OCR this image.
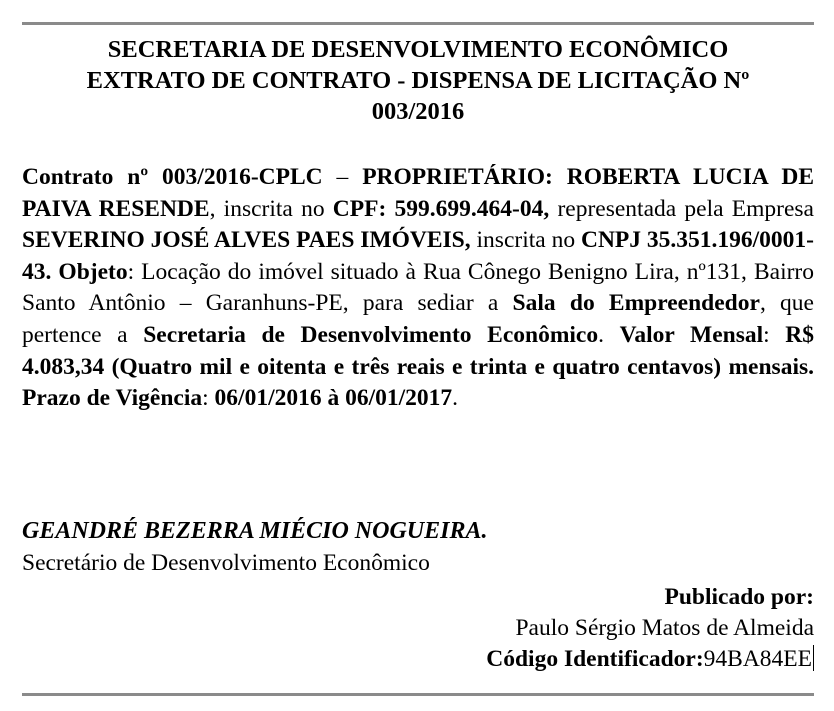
SECRETARIA DE DESENVOLVIMENTO ECONÔMICO
EXTRATO DE CONTRATO - DISPENSA DE LICITAÇÃO Nº
003/2016
Contrato nº 003/2016-CPLC – PROPRIETÁRIO: ROBERTA LUCIA DE PAIVA RESENDE, inscrita no CPF: 599.699.464-04, representada pela Empresa SEVERINO JOSÉ ALVES PAES IMÓVEIS, inscrita no CNPJ 35.351.196/0001-43. Objeto: Locação do imóvel situado à Rua Cônego Benigno Lira, nº131, Bairro Santo Antônio – Garanhuns-PE, para sediar a Sala do Empreendedor, que pertence a Secretaria de Desenvolvimento Econômico. Valor Mensal: R$ 4.083,34 (Quatro mil e oitenta e três reais e trinta e quatro centavos) mensais. Prazo de Vigência: 06/01/2016 à 06/01/2017.
GEANDRÉ BEZERRA MIÉCIO NOGUEIRA.
Secretário de Desenvolvimento Econômico
Publicado por:
Paulo Sérgio Matos de Almeida
Código Identificador:94BA84EE
